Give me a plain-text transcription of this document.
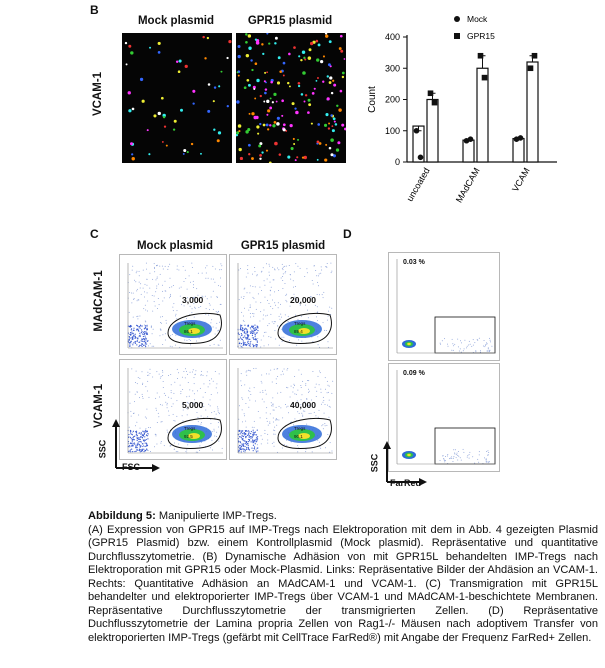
B
Mock plasmid	GPR15 plasmid
VCAM-1
0
100
200
300
400
Count
uncoated MAdCAM	VCAM
Mock
GPR15
C
Mock plasmid	GPR15 plasmid
MAdCAM-1
VCAM-1
Tregs
86.1
3,000
Tregs
89.4
20,000
Tregs
92.5
5,000
Tregs
90.1
40,000
SSC
FSC
D
0.03 %
0.09 %
SSC
FarRed
Abbildung 5: Manipulierte IMP-Tregs.
(A) Expression von GPR15 auf IMP-Tregs nach Elektroporation mit dem in Abb. 4 gezeigten Plasmid (GPR15 Plasmid) bzw. einem Kontrollplasmid (Mock plasmid). Repräsentative und quantitative Durchflusszytometrie. (B) Dynamische Adhäsion von mit GPR15L behandelten IMP-Tregs nach Elektroporation mit GPR15 oder Mock-Plasmid. Links: Repräsentative Bilder der Ahdäsion an VCAM-1. Rechts: Quantitative Adhäsion an MAdCAM-1 und VCAM-1. (C) Transmigration mit GPR15L behandelter und elektroporierter IMP-Tregs über VCAM-1 und MAdCAM-1-beschichtete Membranen. Repräsentative Durchflusszytometrie der transmigrierten Zellen. (D) Repräsentative Duchflusszytometrie der Lamina propria Zellen von Rag1-/- Mäusen nach adoptivem Transfer von elektroporierten IMP-Tregs (gefärbt mit CellTrace FarRed®) mit Angabe der Frequenz FarRed+ Zellen.
